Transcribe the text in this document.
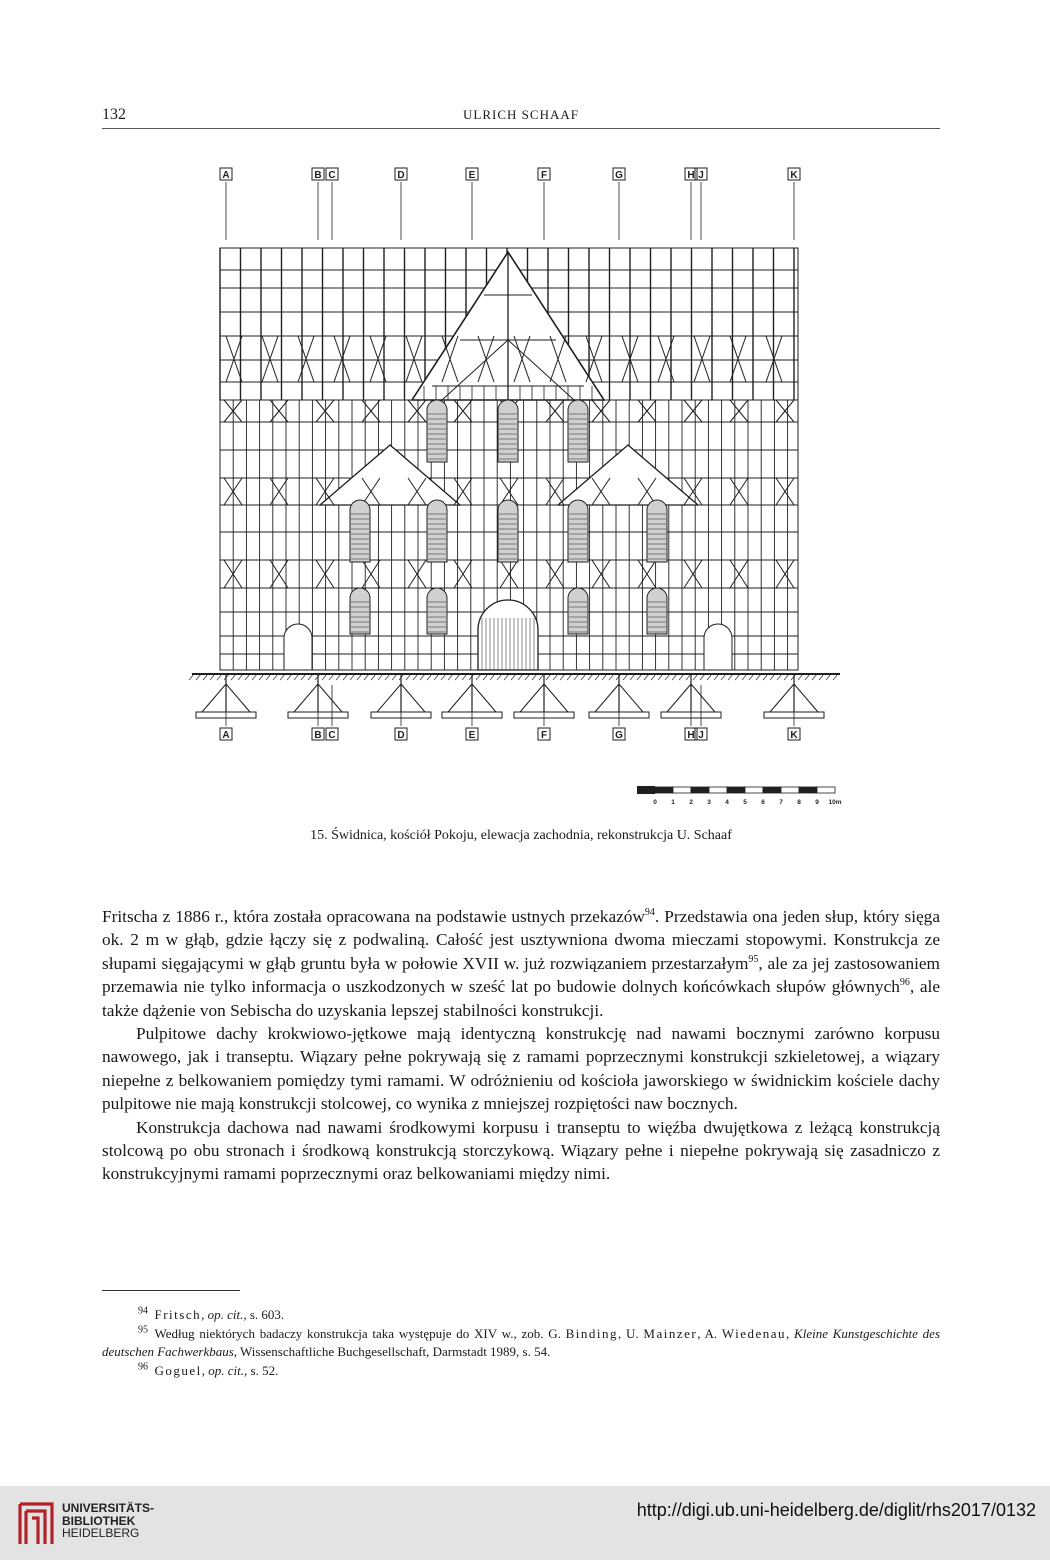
132	ULRICH SCHAAF
A
A
B
B
C
C
D
D
E
E
F
F
G
G
H
H
J
J
K
K
0 1 2 3 4 5 6 7 8 9 10m
15. Świdnica, kościół Pokoju, elewacja zachodnia, rekonstrukcja U. Schaaf

Fritscha z 1886 r., która została opracowana na podstawie ustnych przekazów$^{94}$. Przedstawia ona jeden słup, który sięga ok. 2 m w głąb, gdzie łączy się z podwaliną. Całość jest usztywniona dwoma mieczami stopowymi. Konstrukcja ze słupami sięgającymi w głąb gruntu była w połowie XVII w. już rozwiązaniem przestarzałym$^{95}$, ale za jej zastosowaniem przemawia nie tylko informacja o uszkodzonych w sześć lat po budowie dolnych końcówkach słupów głównych$^{96}$, ale także dążenie von Sebischa do uzyskania lepszej stabilności konstrukcji.

Pulpitowe dachy krokwiowo-jętkowe mają identyczną konstrukcję nad nawami bocznymi zarówno korpusu nawowego, jak i transeptu. Wiązary pełne pokrywają się z ramami poprzecznymi konstrukcji szkieletowej, a wiązary niepełne z belkowaniem pomiędzy tymi ramami. W odróżnieniu od kościoła jaworskiego w świdnickim kościele dachy pulpitowe nie mają konstrukcji stolcowej, co wynika z mniejszej rozpiętości naw bocznych.

Konstrukcja dachowa nad nawami środkowymi korpusu i transeptu to więźba dwujętkowa z leżącą konstrukcją stolcową po obu stronach i środkową konstrukcją storczykową. Wiązary pełne i niepełne pokrywają się zasadniczo z konstrukcyjnymi ramami poprzecznymi oraz belkowaniami między nimi.

$^{94}$  Fritsch, op. cit., s. 603.

$^{95}$  Według niektórych badaczy konstrukcja taka występuje do XIV w., zob. G. Binding, U. Mainzer, A. Wiedenau, Kleine Kunstgeschichte des deutschen Fachwerkbaus, Wissenschaftliche Buchgesellschaft, Darmstadt 1989, s. 54.

$^{96}$  Goguel, op. cit., s. 52.

UNIVERSITÄTS-
BIBLIOTHEK
HEIDELBERG
http://digi.ub.uni-heidelberg.de/diglit/rhs2017/0132
